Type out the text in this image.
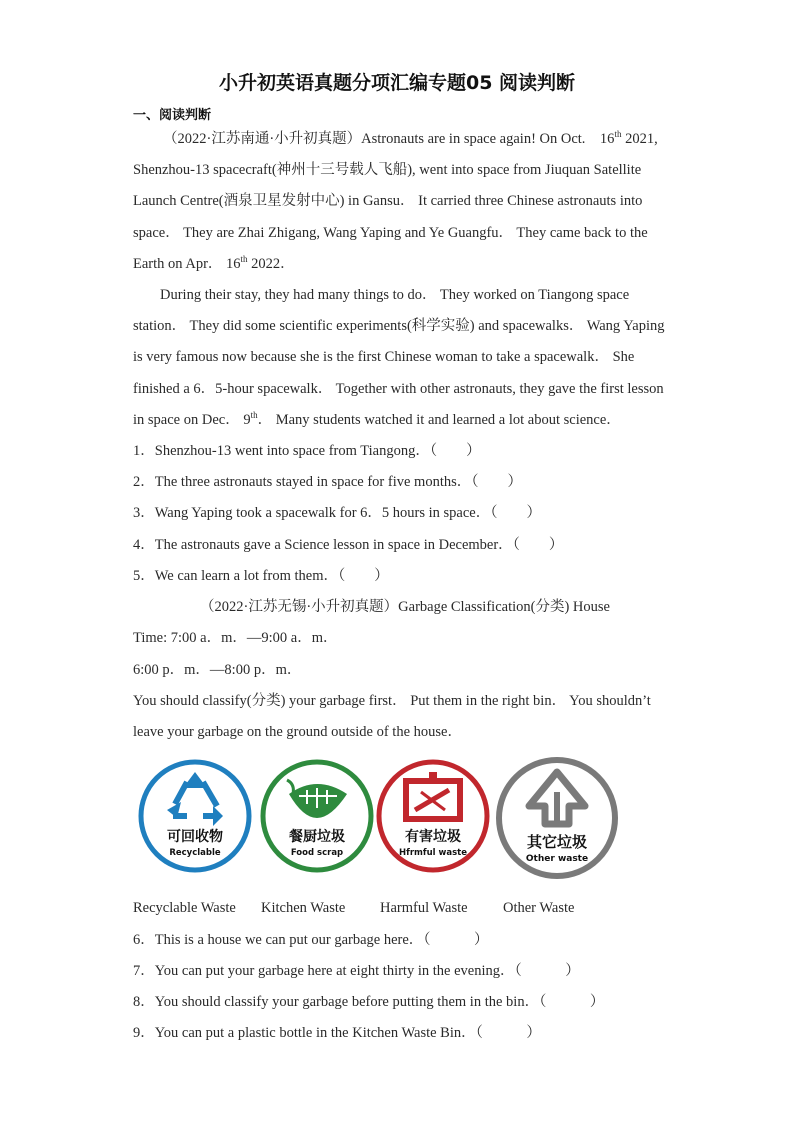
小升初英语真题分项汇编专题05 阅读判断
一、阅读判断
（2022·江苏南通·小升初真题）Astronauts are in space again! On Oct.　16th 2021,
Shenzhou-13 spacecraft(神州十三号载人飞船), went into space from Jiuquan Satellite
Launch Centre(酒泉卫星发射中心) in Gansu． It carried three Chinese astronauts into
space． They are Zhai Zhigang, Wang Yaping and Ye Guangfu． They came back to the
Earth on Apr． 16th 2022．
During their stay, they had many things to do． They worked on Tiangong space
station． They did some scientific experiments(科学实验) and spacewalks． Wang Yaping
is very famous now because she is the first Chinese woman to take a spacewalk． She
finished a 6．5-hour spacewalk． Together with other astronauts, they gave the first lesson
in space on Dec． 9th． Many students watched it and learned a lot about science．
1．Shenzhou-13 went into space from Tiangong．（　　）
2．The three astronauts stayed in space for five months．（　　）
3．Wang Yaping took a spacewalk for 6．5 hours in space．（　　）
4．The astronauts gave a Science lesson in space in December．（　　）
5．We can learn a lot from them．（　　）
（2022·江苏无锡·小升初真题）Garbage Classification(分类) House
Time: 7:00 a．m．—9:00 a．m．
6:00 p．m．—8:00 p．m．
You should classify(分类) your garbage first． Put them in the right bin． You shouldn’t
leave your garbage on the ground outside of the house．
可回收物
Recyclable
餐厨垃圾
Food scrap
有害垃圾
Hfrmful waste
其它垃圾
Other waste
Recyclable Waste Kitchen Waste Harmful Waste Other Waste
6．This is a house we can put our garbage here．（　　　）
7．You can put your garbage here at eight thirty in the evening．（　　　）
8．You should classify your garbage before putting them in the bin．（　　　）
9．You can put a plastic bottle in the Kitchen Waste Bin．（　　　）
